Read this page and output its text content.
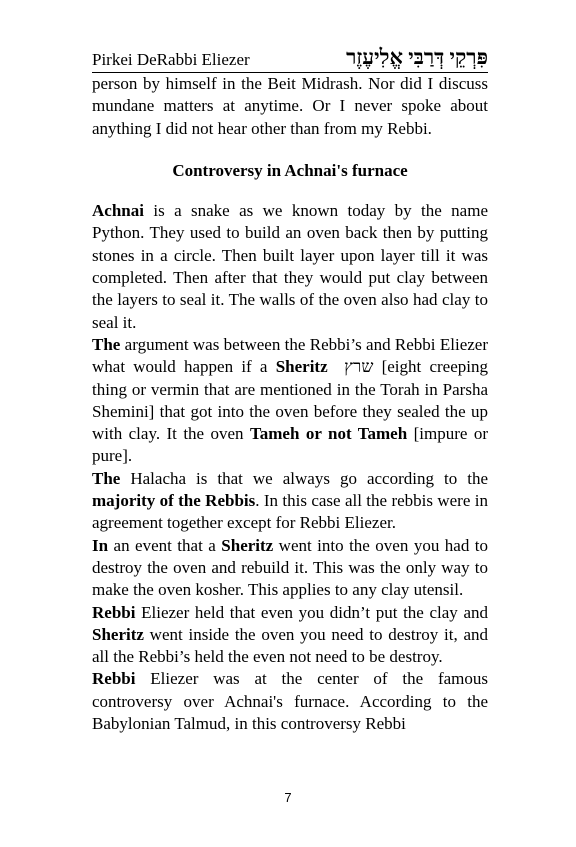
Pirkei DeRabbi Eliezer	פִּרְקֵי דְּרַבִּי אֱלִיעֶזֶר

person by himself in the Beit Midrash. Nor did I discuss mundane matters at anytime. Or I never spoke about anything I did not hear other than from my Rebbi.

Controversy in Achnai's furnace

Achnai is a snake as we known today by the name Python. They used to build an oven back then by putting stones in a circle. Then built layer upon layer till it was completed. Then after that they would put clay between the layers to seal it. The walls of the oven also had clay to seal it.

The argument was between the Rebbi’s and Rebbi Eliezer what would happen if a Sheritz שרץ [eight creeping thing or vermin that are mentioned in the Torah in Parsha Shemini] that got into the oven before they sealed the up with clay. It the oven Tameh or not Tameh [impure or pure].

The Halacha is that we always go according to the majority of the Rebbis. In this case all the rebbis were in agreement together except for Rebbi Eliezer.

In an event that a Sheritz went into the oven you had to destroy the oven and rebuild it. This was the only way to make the oven kosher. This applies to any clay utensil.

Rebbi Eliezer held that even you didn’t put the clay and Sheritz went inside the oven you need to destroy it, and all the Rebbi’s held the even not need to be destroy.

Rebbi Eliezer was at the center of the famous controversy over Achnai's furnace. According to the Babylonian Talmud, in this controversy Rebbi

7
